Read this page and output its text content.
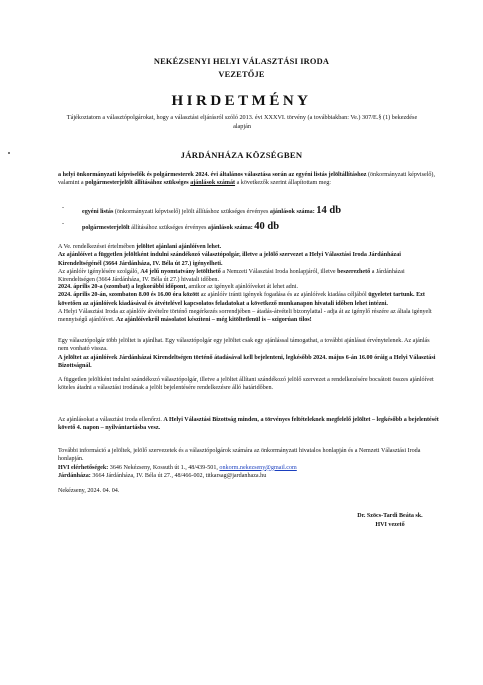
NEKÉZSENYI HELYI VÁLASZTÁSI IRODA
VEZETŐJE
HIRDETMÉNY
Tájékoztatom a választópolgárokat, hogy a választási eljárásról szóló 2013. évi XXXVI. törvény (a továbbiakban: Ve.) 307/E.§ (1) bekezdése alapján
JÁRDÁNHÁZA KÖZSÉGBEN
a helyi önkormányzati képviselők és polgármesterek 2024. évi általános választása során az egyéni listás jelöltállításhoz (önkormányzati képviselő), valamint a polgármesterjelölt állításához szükséges ajánlások számát a következők szerint állapítottam meg:
-
egyéni listás (önkormányzati képviselő) jelölt állításhoz szükséges érvényes ajánlások száma: 14 db
-
polgármesterjelölt állításához szükséges érvényes ajánlások száma: 40 db
A Ve. rendelkezései értelmében jelöltet ajánlani ajánlóíven lehet.
Az ajánlóívet a független jelöltként indulni szándékozó választópolgár, illetve a jelölő szervezet a Helyi Választási Iroda Járdánházai Kirendeltségénél (3664 Járdánháza, IV. Béla út 27.) igényelheti.
Az ajánlóív igénylésére szolgáló, A4 jelű nyomtatvány letölthető a Nemzeti Választási Iroda honlapjáról, illetve beszerezhető a Járdánházai Kirendeltségen (3664 Járdánháza, IV. Béla út 27.) hivatali időben.
2024. április 20-a (szombat) a legkorábbi időpont, amikor az igényelt ajánlóíveket át lehet adni.
2024. április 20-án, szombaton 8.00 és 16.00 óra között az ajánlóív iránti igények fogadása és az ajánlóívek kiadása céljából ügyeletet tartunk. Ezt követően az ajánlóívek kiadásával és átvételével kapcsolatos feladatokat a következő munkanapon hivatali időben lehet intézni.
A Helyi Választási Iroda az ajánlóív átvételre történő megérkezés sorrendjében – átadás-átvételi bizonylattal - adja át az igénylő részére az általa igényelt mennyiségű ajánlóívet. Az ajánlóívekről másolatot készíteni – még kitöltetlenül is – szigorúan tilos!
Egy választópolgár több jelöltet is ajánlhat. Egy választópolgár egy jelöltet csak egy ajánlással támogathat, a további ajánlásai érvénytelenek. Az ajánlás nem vonható vissza.
A jelöltet az ajánlóívek Járdánházai Kirendeltségen történő átadásával kell bejelenteni, legkésőbb 2024. május 6-án 16.00 óráig a Helyi Választási Bizottságnál.
A független jelöltként indulni szándékozó választópolgár, illetve a jelöltet állítani szándékozó jelölő szervezet a rendelkezésére bocsátott összes ajánlóívet köteles átadni a választási irodának a jelölt bejelentésére rendelkezésre álló határidőben.
Az ajánlásokat a választási iroda ellenőrzi. A Helyi Választási Bizottság minden, a törvényes feltételeknek megfelelő jelöltet – legkésőbb a bejelentését követő 4. napon – nyilvántartásba vesz.
További információ a jelöltek, jelölő szervezetek és a választópolgárok számára az önkormányzati hivatalos honlapján és a Nemzeti Választási Iroda honlapján.
HVI elérhetőségek: 3646 Nekézseny, Kossuth út 1., 48/439-501, onkorm.nekezseny@gmail.com
Járdánháza: 3664 Járdánháza, IV. Béla út 27., 48/466-002, titkarsag@jardanhaza.hu
Nekézseny, 2024. 04. 04.
Dr. Szöcs-Tardi Beáta sk.
HVI vezető
